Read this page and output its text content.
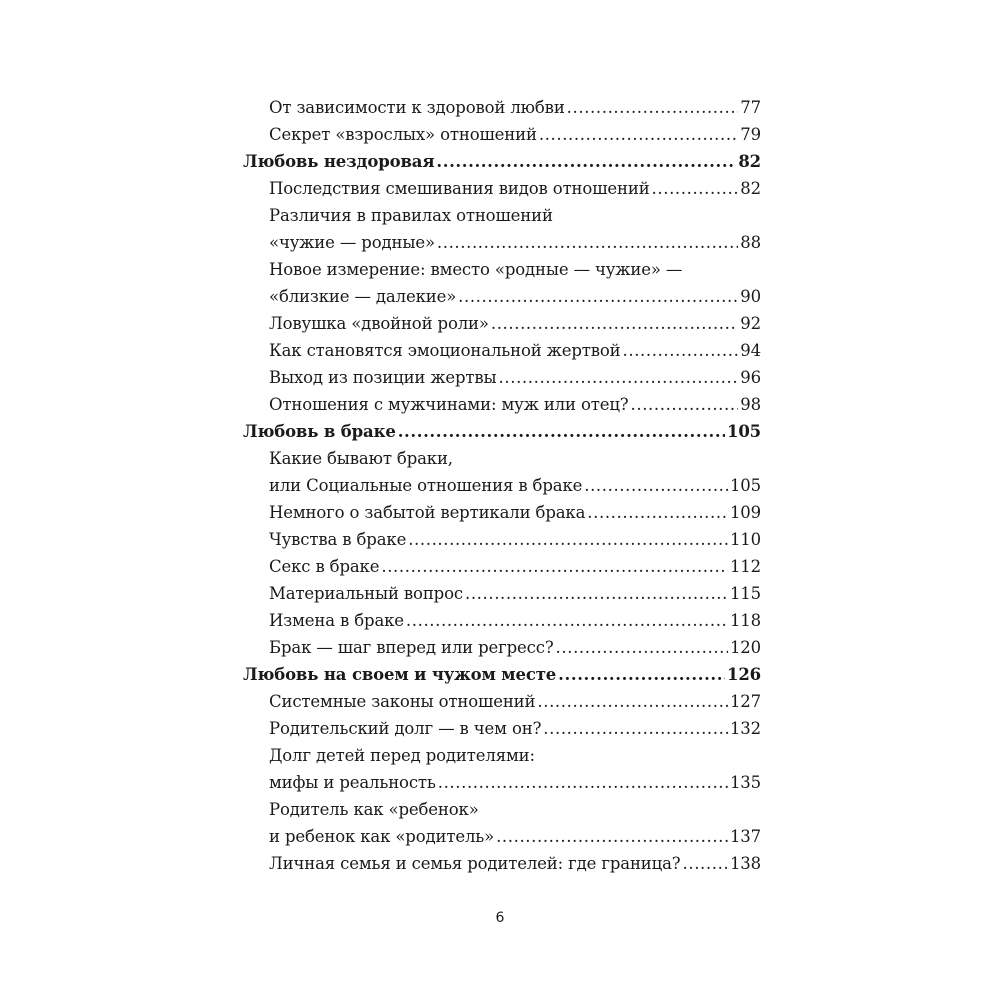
От зависимости к здоровой любви .....	77
Секрет «взрослых» отношений .....	79
Любовь нездоровая .....	82
Последствия смешивания видов отношений .....	82
Различия в правилах отношений
«чужие — родные» .....	88
Новое измерение: вместо «родные — чужие» —
«близкие — далекие» .....	90
Ловушка «двойной роли» .....	92
Как становятся эмоциональной жертвой .....	94
Выход из позиции жертвы .....	96
Отношения с мужчинами: муж или отец? .....	98
Любовь в браке .....	105
Какие бывают браки,
или Социальные отношения в браке .....	105
Немного о забытой вертикали брака .....	109
Чувства в браке .....	110
Секс в браке .....	112
Материальный вопрос .....	115
Измена в браке .....	118
Брак — шаг вперед или регресс? .....	120
Любовь на своем и чужом месте .....	126
Системные законы отношений .....	127
Родительский долг — в чем он? .....	132
Долг детей перед родителями:
мифы и реальность .....	135
Родитель как «ребенок»
и ребенок как «родитель» .....	137
Личная семья и семья родителей: где граница? .....	138
6
